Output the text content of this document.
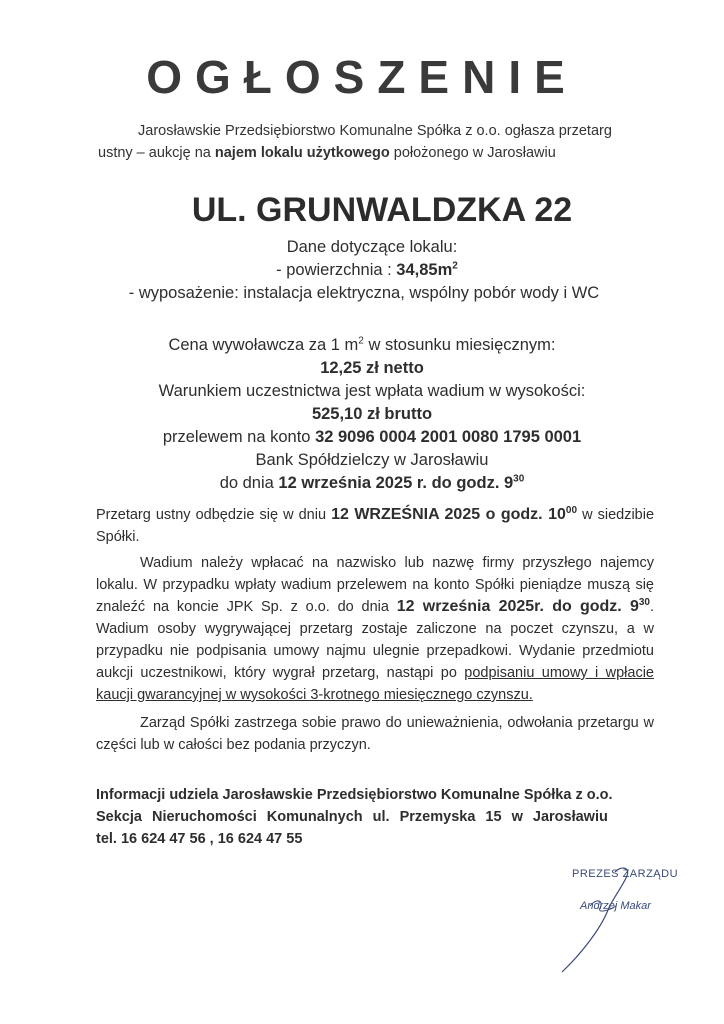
OGŁOSZENIE
Jarosławskie Przedsiębiorstwo Komunalne Spółka z o.o. ogłasza przetarg
ustny – aukcję na najem lokalu użytkowego położonego w Jarosławiu
UL. GRUNWALDZKA 22
Dane dotyczące lokalu:
- powierzchnia : $34,85m^2$
- wyposażenie: instalacja elektryczna, wspólny pobór wody i WC
Cena wywoławcza za 1 $m^2$ w stosunku miesięcznym:
12,25 zł netto
Warunkiem uczestnictwa jest wpłata wadium w wysokości:
525,10 zł brutto
przelewem na konto 32 9096 0004 2001 0080 1795 0001
Bank Spółdzielczy w Jarosławiu
do dnia 12 września 2025 r. do godz. $9^{30}$

Przetarg ustny odbędzie się w dniu 12 WRZEŚNIA 2025 o godz. $10^{00}$ w siedzibie Spółki.

Wadium należy wpłacać na nazwisko lub nazwę firmy przyszłego najemcy lokalu. W przypadku wpłaty wadium przelewem na konto Spółki pieniądze muszą się znaleźć na koncie JPK Sp. z o.o. do dnia 12 września 2025r. do godz. $9^{30}$. Wadium osoby wygrywającej przetarg zostaje zaliczone na poczet czynszu, a w przypadku nie podpisania umowy najmu ulegnie przepadkowi. Wydanie przedmiotu aukcji uczestnikowi, który wygrał przetarg, nastąpi po podpisaniu umowy i wpłacie kaucji gwarancyjnej w wysokości 3-krotnego miesięcznego czynszu.

Zarząd Spółki zastrzega sobie prawo do unieważnienia, odwołania przetargu w części lub w całości bez podania przyczyn.

Informacji udziela Jarosławskie Przedsiębiorstwo Komunalne Spółka z o.o.
Sekcja Nieruchomości Komunalnych ul. Przemyska 15 w Jarosławiu
tel. 16 624 47 56 , 16 624 47 55
PREZES ZARZĄDU
Andrzej Makar
